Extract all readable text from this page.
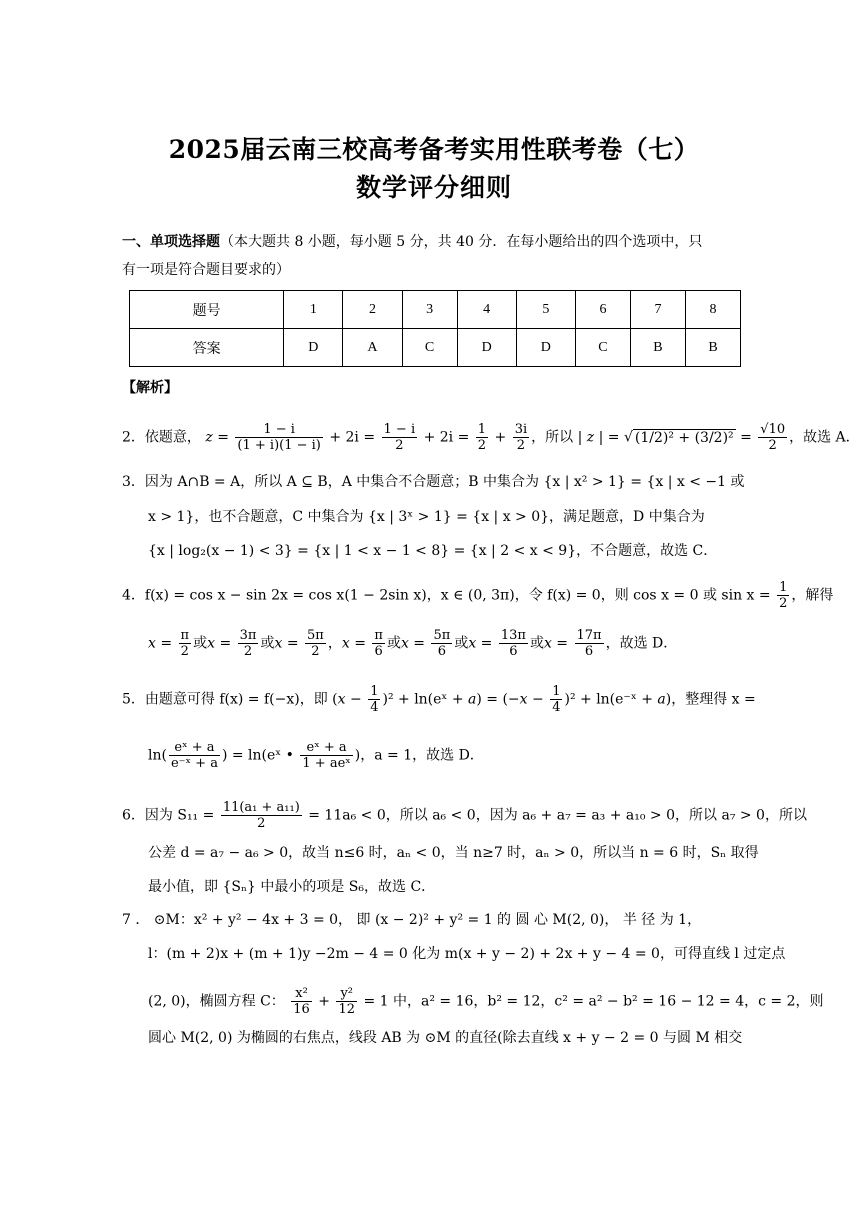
2025届云南三校高考备考实用性联考卷（七）
数学评分细则
一、单项选择题（本大题共 8 小题，每小题 5 分，共 40 分．在每小题给出的四个选项中，只
有一项是符合题目要求的）
题号	1	2	3	4	5	6	7	8
答案	D	A	C	D	D	C	B	B
【解析】
2．依题意， $z = \frac{1 - i}{(1 + i)(1 - i)} + 2i = \frac{1 - i}{2} + 2i = \frac{1}{2} + \frac{3i}{2}$ ，所以 | z | = √ $(1/2)^2 + (3/2)^2 = \frac{√10}{2}$ ，故选 A．
3．因为 A∩B = A，所以 A ⊆ B，A 中集合不合题意；B 中集合为 {x | x² > 1} = {x | x < −1 或
x > 1}，也不合题意，C 中集合为 {x | 3ˣ > 1} = {x | x > 0}，满足题意，D 中集合为
{x | log₂(x − 1) < 3} = {x | 1 < x − 1 < 8} = {x | 2 < x < 9}，不合题意，故选 C．
4．f(x) = cos x − sin 2x = cos x(1 − 2sin x)，x ∈ (0, 3π)，令 f(x) = 0，则 cos x = 0 或 $\sin x = \frac{1}{2}$ ，解得
$x = \frac{\pi}{2}$ 或$x = \frac{3\pi}{2}$ 或$x = \frac{5\pi}{2}$ ，$x = \frac{\pi}{6}$ 或$x = \frac{5\pi}{6}$ 或$x = \frac{13\pi}{6}$ 或$x = \frac{17\pi}{6}$ ，故选 D．
5．由题意可得 f(x) = f(−x)，即 $(x - \frac{1}{4} )^2$ + ln(eˣ + $a) = (-x - \frac{1}{4} )^2$ + ln(e⁻ˣ + a)，整理得 x =
$\ln( \frac{\text{eˣ + a}}{\text{e⁻ˣ + a}}$ ) = ln(eˣ • $\frac{\text{eˣ + a}}{\text{1 + aeˣ}}$ )，a = 1，故选 D．
6．因为 $S_{11} = \frac{\text{11(a₁ + a₁₁)}}{2} = 11a_6 < 0$，所以 a₆ < 0，因为 a₆ + a₇ = a₃ + a₁₀ > 0，所以 a₇ > 0，所以
公差 d = a₇ − a₆ > 0，故当 n≤6 时，aₙ < 0，当 n≥7 时，aₙ > 0，所以当 n = 6 时，Sₙ 取得
最小值，即 {Sₙ} 中最小的项是 S₆，故选 C．
7 ． ⊙M：x² + y² − 4x + 3 = 0， 即 (x − 2)² + y² = 1 的 圆 心 M(2, 0)， 半 径 为 1，
l：(m + 2)x + (m + 1)y −2m − 4 = 0 化为 m(x + y − 2) + 2x + y − 4 = 0，可得直线 l 过定点
(2, 0)，椭圆方程 C： $\frac{\text{x²}}{16} + \frac{\text{y²}}{12} = 1$ 中，a² = 16，b² = 12，c² = a² − b² = 16 − 12 = 4，c = 2，则
圆心 M(2, 0) 为椭圆的右焦点，线段 AB 为 ⊙M 的直径(除去直线 x + y − 2 = 0 与圆 M 相交
